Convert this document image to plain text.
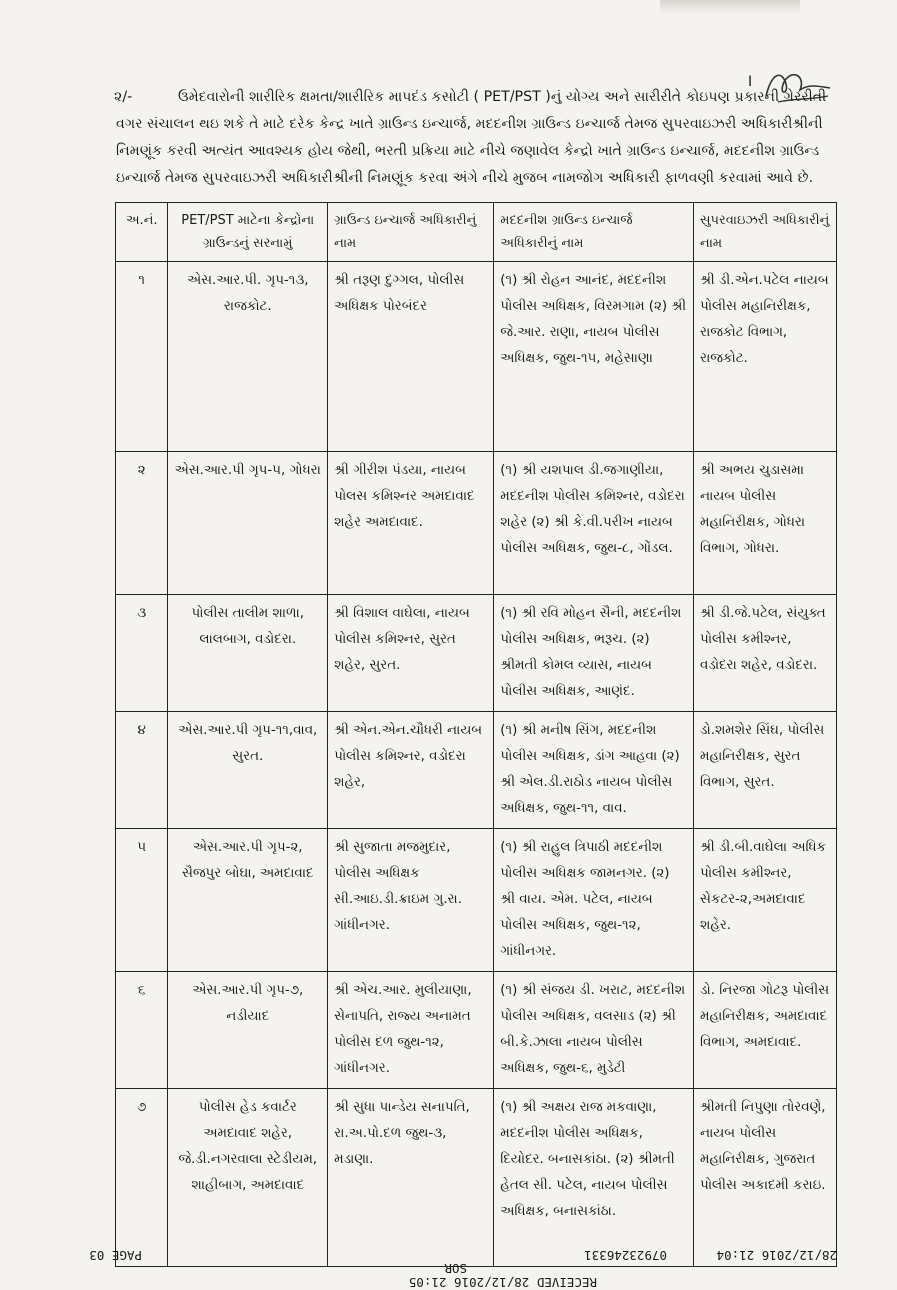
I
૨/-	ઉમેદવારોની શારીરિક ક્ષમતા/શારીરિક માપદંડ કસોટી ( PET/PST )નું યોગ્ય અને સારીરીતે કોઇપણ પ્રકારની ગેરરીતી વગર સંચાલન થઇ શકે તે માટે દરેક કેન્દ્ર ખાતે ગ્રાઉન્ડ ઇન્ચાર્જ, મદદનીશ ગ્રાઉન્ડ ઇન્ચાર્જ તેમજ સુપરવાઇઝરી અધિકારીશ્રીની નિમણૂંક કરવી અત્યંત આવશ્યક હોય જેથી, ભરતી પ્રક્રિયા માટે નીચે જણાવેલ કેન્દ્રો ખાતે ગ્રાઉન્ડ ઇન્ચાર્જ, મદદનીશ ગ્રાઉન્ડ ઇન્ચાર્જ તેમજ સુપરવાઇઝરી અધિકારીશ્રીની નિમણૂંક કરવા અંગે નીચે મુજબ નામજોગ અધિકારી ફાળવણી કરવામાં આવે છે.
અ.નં.	PET/PST માટેના કેન્દ્રોના ગ્રાઉન્ડનું સરનામું	ગ્રાઉન્ડ ઇન્ચાર્જ અધિકારીનું નામ	મદદનીશ ગ્રાઉન્ડ ઇન્ચાર્જ અધિકારીનું નામ	સુપરવાઇઝરી અધિકારીનું નામ
૧	એસ.આર.પી. ગૃપ-૧૩, રાજકોટ.	શ્રી તરૂણ દુગ્ગલ, પોલીસ અધિક્ષક પોરબંદર	(૧) શ્રી રોહન આનંદ, મદદનીશ પોલીસ અધિક્ષક, વિરમગામ (૨) શ્રી જે.આર. રાણા, નાયબ પોલીસ અધિક્ષક, જુથ-૧૫, મહેસાણા	શ્રી ડી.એન.પટેલ નાયબ પોલીસ મહાનિરીક્ષક, રાજકોટ વિભાગ, રાજકોટ.
૨	એસ.આર.પી ગૃપ-૫, ગોધરા	શ્રી ગીરીશ પંડયા, નાયબ પોલસ કમિશ્નર અમદાવાદ શહેર અમદાવાદ.	(૧) શ્રી યશપાલ ડી.જગાણીયા, મદદનીશ પોલીસ કમિશ્નર, વડોદરા શહેર (૨) શ્રી કે.વી.પરીખ નાયબ પોલીસ અધિક્ષક, જુથ-૮, ગોંડલ.	શ્રી અભય ચુડાસમા નાયબ પોલીસ મહાનિરીક્ષક, ગોધરા વિભાગ, ગોધરા.
૩	પોલીસ તાલીમ શાળા, લાલબાગ, વડોદરા.	શ્રી વિશાલ વાઘેલા, નાયબ પોલીસ કમિશ્નર, સુરત શહેર, સુરત.	(૧) શ્રી રવિ મોહન સૈની, મદદનીશ પોલીસ અધિક્ષક, ભરૂચ. (૨) શ્રીમતી કોમલ વ્યાસ, નાયબ પોલીસ અધિક્ષક, આણંદ.	શ્રી ડી.જે.પટેલ, સંયુક્ત પોલીસ કમીશ્નર, વડોદરા શહેર, વડોદરા.
૪	એસ.આર.પી ગૃપ-૧૧,વાવ, સુરત.	શ્રી એન.એન.ચૌધરી નાયબ પોલીસ કમિશ્નર, વડોદરા શહેર,	(૧) શ્રી મનીષ સિંગ, મદદનીશ પોલીસ અધિક્ષક, ડાંગ આહવા (૨) શ્રી એલ.ડી.રાઠોડ નાયબ પોલીસ અધિક્ષક, જુથ-૧૧, વાવ.	ડો.શમશેર સિંઘ, પોલીસ મહાનિરીક્ષક, સુરત વિભાગ, સુરત.
૫	એસ.આર.પી ગૃપ-૨, સૈજપુર બોઘા, અમદાવાદ	શ્રી સુજાતા મજમુદાર, પોલીસ અધિક્ષક સી.આઇ.ડી.ક્રાઇમ ગુ.રા. ગાંધીનગર.	(૧) શ્રી રાહુલ ત્રિપાઠી મદદનીશ પોલીસ અધિક્ષક જામનગર. (૨) શ્રી વાય. એમ. પટેલ, નાયબ પોલીસ અધિક્ષક, જુથ-૧૨, ગાંધીનગર.	શ્રી ડી.બી.વાઘેલા અધિક પોલીસ કમીશ્નર, સેકટર-૨,અમદાવાદ શહેર.
૬	એસ.આર.પી ગૃપ-૭, નડીયાદ	શ્રી એચ.આર. મુલીયાણા, સેનાપતિ, રાજ્ય અનામત પોલીસ દળ જુથ-૧૨, ગાંધીનગર.	(૧) શ્રી સંજય ડી. ખરાટ, મદદનીશ પોલીસ અધિક્ષક, વલસાડ (૨) શ્રી બી.કે.ઝાલા નાયબ પોલીસ અધિક્ષક, જુથ-૬, મુડેટી	ડો. નિરજા ગોટરૂ પોલીસ મહાનિરીક્ષક, અમદાવાદ વિભાગ, અમદાવાદ.
૭	પોલીસ હેડ કવાર્ટર અમદાવાદ શહેર, જે.ડી.નગરવાલા સ્ટેડીયમ, શાહીબાગ, અમદાવાદ	શ્રી સુધા પાન્ડેય સનાપતિ, રા.અ.પો.દળ જુથ-૩, મડાણા.	(૧) શ્રી અક્ષય રાજ મકવાણા, મદદનીશ પોલીસ અધિક્ષક, દિયોદર. બનાસકાંઠા. (૨) શ્રીમતી હેતલ સી. પટેલ, નાયબ પોલીસ અધિક્ષક, બનાસકાંઠા.	શ્રીમતી નિપુણા તોરવણે, નાયબ પોલીસ મહાનિરીક્ષક, ગુજરાત પોલીસ અકાદમી કરાઇ.
28/12/2016 21:04
07923246331
PAGE 03
SOR
RECEIVED 28/12/2016 21:05
